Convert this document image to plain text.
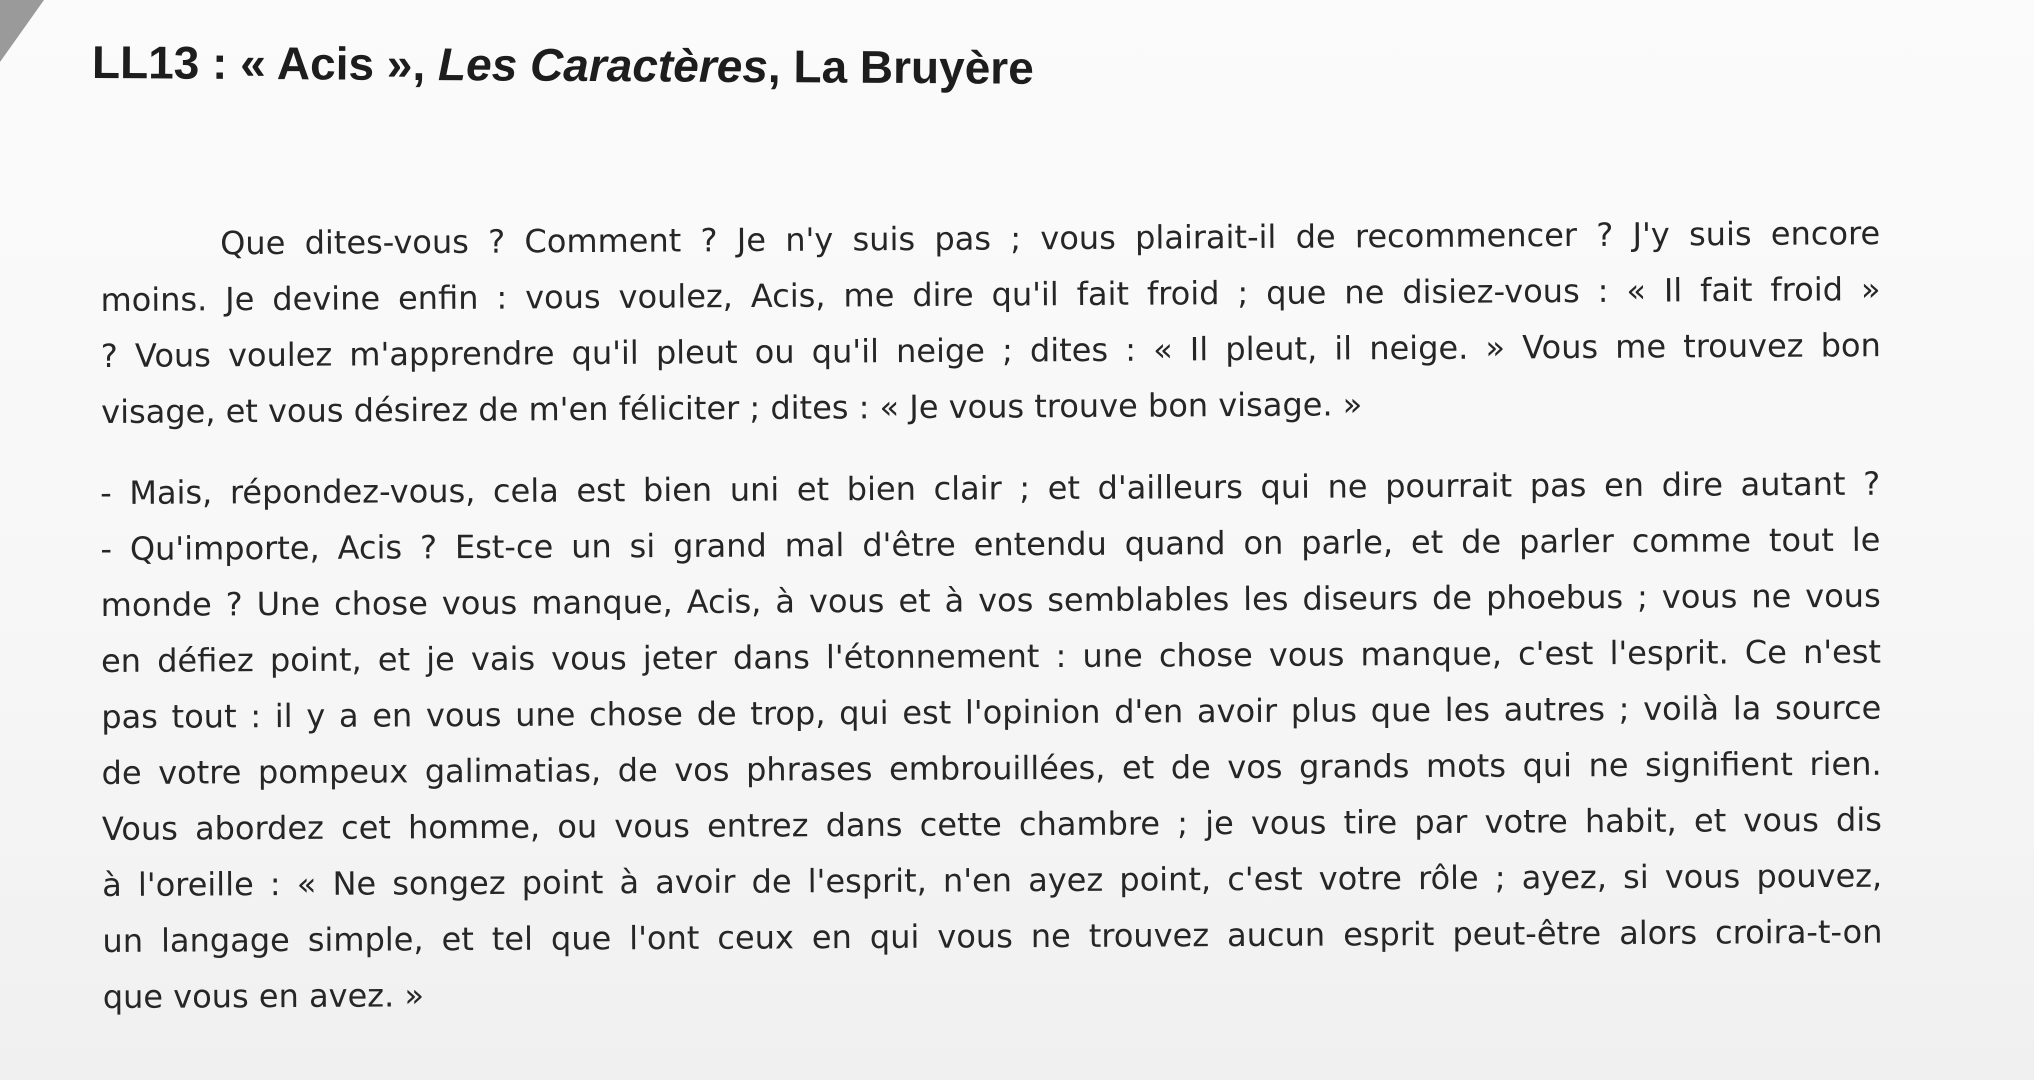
LL13 : « Acis », Les Caractères, La Bruyère
Que dites-vous ? Comment ? Je n'y suis pas ; vous plairait-il de recommencer ? J'y suis encore
moins. Je devine enfin : vous voulez, Acis, me dire qu'il fait froid ; que ne disiez-vous : « Il fait froid »
? Vous voulez m'apprendre qu'il pleut ou qu'il neige ; dites : « Il pleut, il neige. » Vous me trouvez bon
visage, et vous désirez de m'en féliciter ; dites : « Je vous trouve bon visage. »
- Mais, répondez-vous, cela est bien uni et bien clair ; et d'ailleurs qui ne pourrait pas en dire autant ?
- Qu'importe, Acis ? Est-ce un si grand mal d'être entendu quand on parle, et de parler comme tout le
monde ? Une chose vous manque, Acis, à vous et à vos semblables les diseurs de phoebus ; vous ne vous
en défiez point, et je vais vous jeter dans l'étonnement : une chose vous manque, c'est l'esprit. Ce n'est
pas tout : il y a en vous une chose de trop, qui est l'opinion d'en avoir plus que les autres ; voilà la source
de votre pompeux galimatias, de vos phrases embrouillées, et de vos grands mots qui ne signifient rien.
Vous abordez cet homme, ou vous entrez dans cette chambre ; je vous tire par votre habit, et vous dis
à l'oreille : « Ne songez point à avoir de l'esprit, n'en ayez point, c'est votre rôle ; ayez, si vous pouvez,
un langage simple, et tel que l'ont ceux en qui vous ne trouvez aucun esprit peut-être alors croira-t-on
que vous en avez. »
